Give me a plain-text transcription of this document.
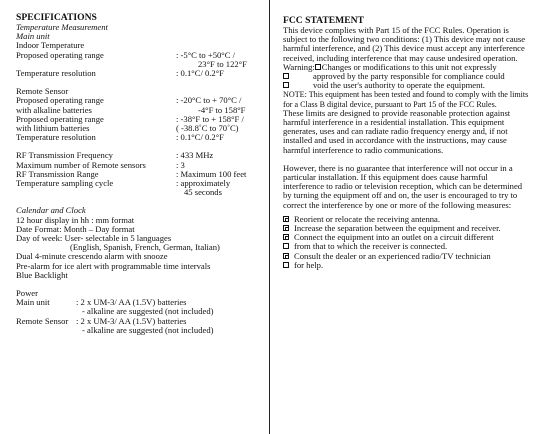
SPECIFICATIONS
Temperature Measurement
Main unit
Indoor Temperature
Proposed operating range	: -5°C to +50°C /
23°F to 122°F
Temperature resolution	: 0.1°C/ 0.2°F
Remote Sensor
Proposed operating range	: -20°C to + 70°C /
with alkaline batteries	-4°F to 158°F
Proposed operating range	: -38°F to + 158°F /
with lithium batteries	( -38.8˚C to 70˚C)
Temperature resolution	: 0.1°C/ 0.2°F
RF Transmission Frequency	: 433 MHz
Maximum number of Remote sensors	: 3
RF Transmission Range	: Maximum 100 feet
Temperature sampling cycle	: approximately
45 seconds
Calendar and Clock
12 hour display in hh : mm format
Date Format: Month – Day format
Day of week: User- selectable in 5 languages
(English, Spanish, French, German, Italian)
Dual 4-minute crescendo alarm with snooze
Pre-alarm for ice alert with programmable time intervals
Blue Backlight
Power
Main unit	: 2 x UM-3/ AA (1.5V) batteries
- alkaline are suggested (not included)
Remote Sensor : 2 x UM-3/ AA (1.5V) batteries
- alkaline are suggested (not included)
FCC STATEMENT

This device complies with Part 15 of the FCC Rules. Operation is subject to the following two conditions: (1) This device may not cause harmful interference, and (2) This device must accept any interference received, including interference that may cause undesired operation.

Warning: Changes or modifications to this unit not expressly
approved by the party responsible for compliance could
void the user's authority to operate the equipment.

NOTE: This equipment has been tested and found to comply with the limits for a Class B digital device, pursuant to Part 15 of the FCC Rules.

These limits are designed to provide reasonable protection against harmful interference in a residential installation. This equipment generates, uses and can radiate radio frequency energy and, if not installed and used in accordance with the instructions, may cause harmful interference to radio communications.

However, there is no guarantee that interference will not occur in a particular installation. If this equipment does cause harmful interference to radio or television reception, which can be determined by turning the equipment off and on, the user is encouraged to try to correct the interference by one or more of the following measures:

Reorient or relocate the receiving antenna.
Increase the separation between the equipment and receiver.
Connect the equipment into an outlet on a circuit different
from that to which the receiver is connected.
Consult the dealer or an experienced radio/TV technician
for help.
